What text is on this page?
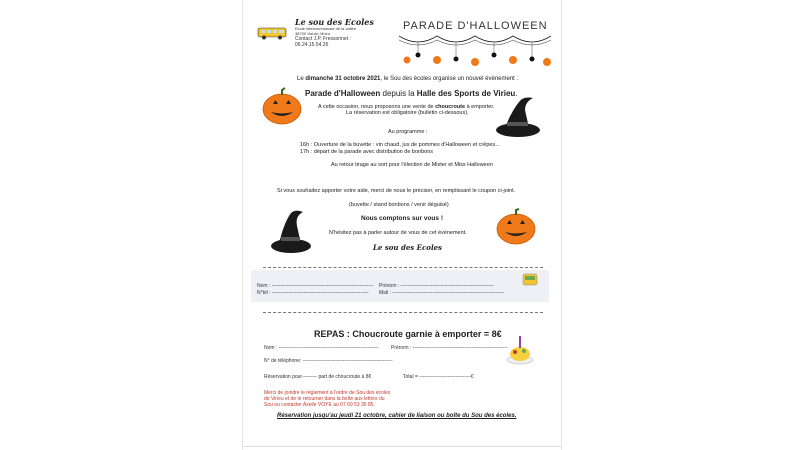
Le sou des Ecoles
Ecole intercommunale de la vallée
38730 Val-de-Virieu
Contact J.P. Fressonnet :
06.24.15.54.35
PARADE D'HALLOWEEN
Le dimanche 31 octobre 2021, le Sou des écoles organise un nouvel évènement :
Parade d'Halloween depuis la Halle des Sports de Virieu.
A cette occasion, nous proposons une vente de choucroute à emporter.
La réservation est obligatoire (bulletin ci-dessous).
Au programme :
16h : Ouverture de la buvette : vin chaud, jus de pommes d'Halloween et crêpes...
17h : départ de la parade avec distribution de bonbons
Au retour tirage au sort pour l'élection de Mister et Miss Halloween
Si vous souhaitez apporter votre aide, merci de nous le préciser, en remplissant le coupon ci-joint.
(buvette / stand bonbons / venir déguisé)
Nous comptons sur vous !
N'hésitez pas à parler autour de vous de cet évènement.
Le sou des Ecoles
Nom : ------------------------------------------------------------- Prénom : --------------------------------------------------------
N°tél : ---------------------------------------------------------- Mail : -------------------------------------------------------------------
REPAS : Choucroute garnie à emporter = 8€
Nom : ------------------------------------------------------------ Prénom : ---------------------------------------------------------
N° de téléphone: ------------------------------------------------------
Réservation pour--------- part de choucroute à 8€	Total = -------------------------------€
Merci de joindre le règlement à l'ordre de Sou des écoles
de Virieu et de le retourner dans la boîte aux lettres du
Sou ou contacter Axelle VOYE au 07 60 53 35 85.
Réservation jusqu'au jeudi 21 octobre, cahier de liaison ou boîte du Sou des écoles.
